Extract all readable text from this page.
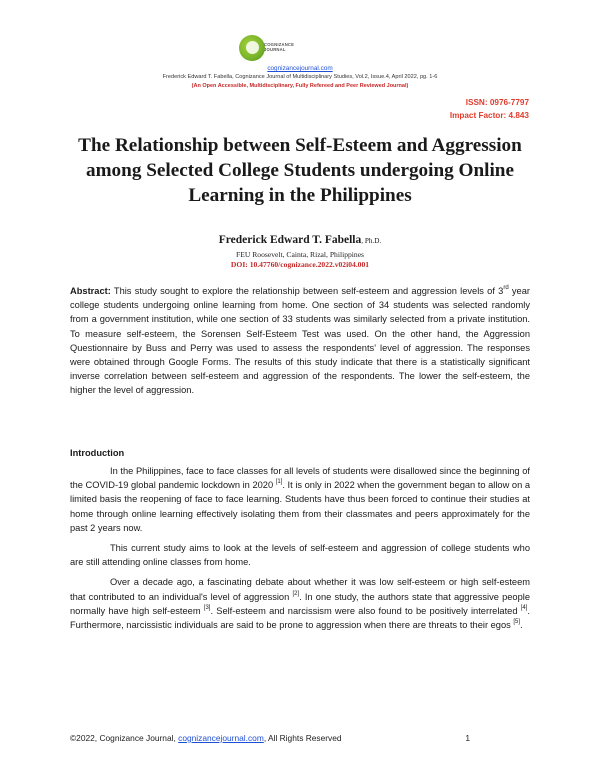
COGNIZANCE JOURNAL
cognizancejournal.com
Frederick Edward T. Fabella, Cognizance Journal of Multidisciplinary Studies, Vol.2, Issue.4, April 2022, pg. 1-6
(An Open Accessible, Multidisciplinary, Fully Refereed and Peer Reviewed Journal)
ISSN: 0976-7797
Impact Factor: 4.843
The Relationship between Self-Esteem and Aggression among Selected College Students undergoing Online Learning in the Philippines
Frederick Edward T. Fabella, Ph.D.
FEU Roosevelt, Cainta, Rizal, Philippines
DOI: 10.47760/cognizance.2022.v02i04.001

Abstract: This study sought to explore the relationship between self-esteem and aggression levels of 3rd year college students undergoing online learning from home. One section of 34 students was selected randomly from a government institution, while one section of 33 students was similarly selected from a private institution. To measure self-esteem, the Sorensen Self-Esteem Test was used. On the other hand, the Aggression Questionnaire by Buss and Perry was used to assess the respondents' level of aggression. The responses were obtained through Google Forms. The results of this study indicate that there is a statistically significant inverse correlation between self-esteem and aggression of the respondents. The lower the self-esteem, the higher the level of aggression.

Introduction

In the Philippines, face to face classes for all levels of students were disallowed since the beginning of the COVID-19 global pandemic lockdown in 2020 [1]. It is only in 2022 when the government began to allow on a limited basis the reopening of face to face learning. Students have thus been forced to continue their studies at home through online learning effectively isolating them from their classmates and peers approximately for the past 2 years now.

This current study aims to look at the levels of self-esteem and aggression of college students who are still attending online classes from home.

Over a decade ago, a fascinating debate about whether it was low self-esteem or high self-esteem that contributed to an individual's level of aggression [2]. In one study, the authors state that aggressive people normally have high self-esteem [3]. Self-esteem and narcissism were also found to be positively interrelated [4]. Furthermore, narcissistic individuals are said to be prone to aggression when there are threats to their egos [5].

©2022, Cognizance Journal, cognizancejournal.com, All Rights Reserved	1
